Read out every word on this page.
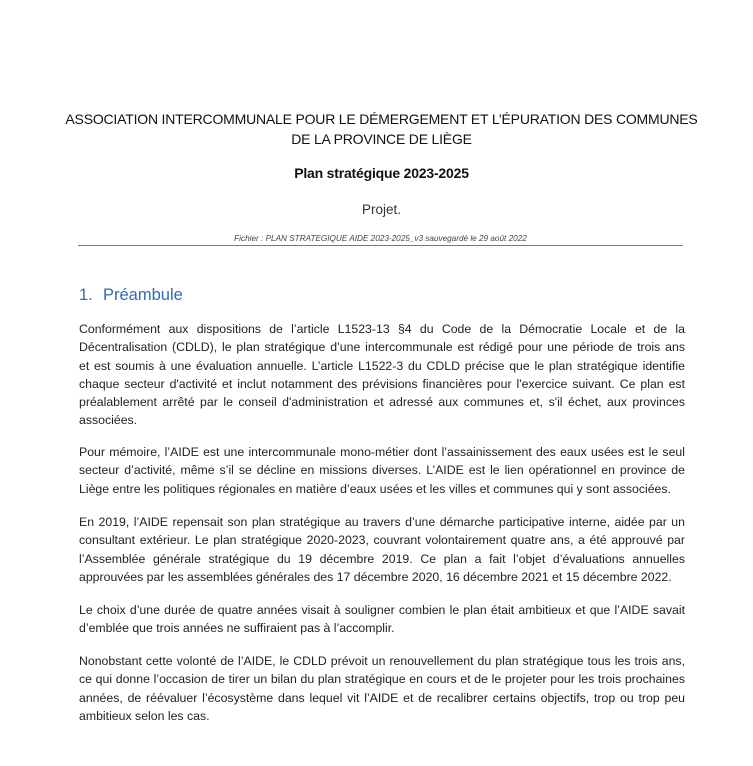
ASSOCIATION INTERCOMMUNALE POUR LE DÉMERGEMENT ET L’ÉPURATION DES COMMUNES
DE LA PROVINCE DE LIÈGE
Plan stratégique 2023-2025

Projet.

Fichier : PLAN STRATEGIQUE AIDE 2023-2025_v3 sauvegardé le 29 août 2022

1. Préambule
Conformément aux dispositions de l’article L1523-13 §4 du Code de la Démocratie Locale et de la
Décentralisation (CDLD), le plan stratégique d’une intercommunale est rédigé pour une période de trois ans
et est soumis à une évaluation annuelle. L’article L1522-3 du CDLD précise que le plan stratégique identifie
chaque secteur d'activité et inclut notamment des prévisions financières pour l'exercice suivant. Ce plan est
préalablement arrêté par le conseil d'administration et adressé aux communes et, s'il échet, aux provinces
associées.
Pour mémoire, l’AIDE est une intercommunale mono-métier dont l’assainissement des eaux usées est le seul
secteur d’activité, même s’il se décline en missions diverses. L’AIDE est le lien opérationnel en province de
Liège entre les politiques régionales en matière d’eaux usées et les villes et communes qui y sont associées.
En 2019, l’AIDE repensait son plan stratégique au travers d’une démarche participative interne, aidée par un
consultant extérieur. Le plan stratégique 2020-2023, couvrant volontairement quatre ans, a été approuvé par
l’Assemblée générale stratégique du 19 décembre 2019. Ce plan a fait l’objet d’évaluations annuelles
approuvées par les assemblées générales des 17 décembre 2020, 16 décembre 2021 et 15 décembre 2022.
Le choix d’une durée de quatre années visait à souligner combien le plan était ambitieux et que l’AIDE savait
d’emblée que trois années ne suffiraient pas à l’accomplir.
Nonobstant cette volonté de l’AIDE, le CDLD prévoit un renouvellement du plan stratégique tous les trois ans,
ce qui donne l’occasion de tirer un bilan du plan stratégique en cours et de le projeter pour les trois prochaines
années, de réévaluer l’écosystème dans lequel vit l’AIDE et de recalibrer certains objectifs, trop ou trop peu
ambitieux selon les cas.
